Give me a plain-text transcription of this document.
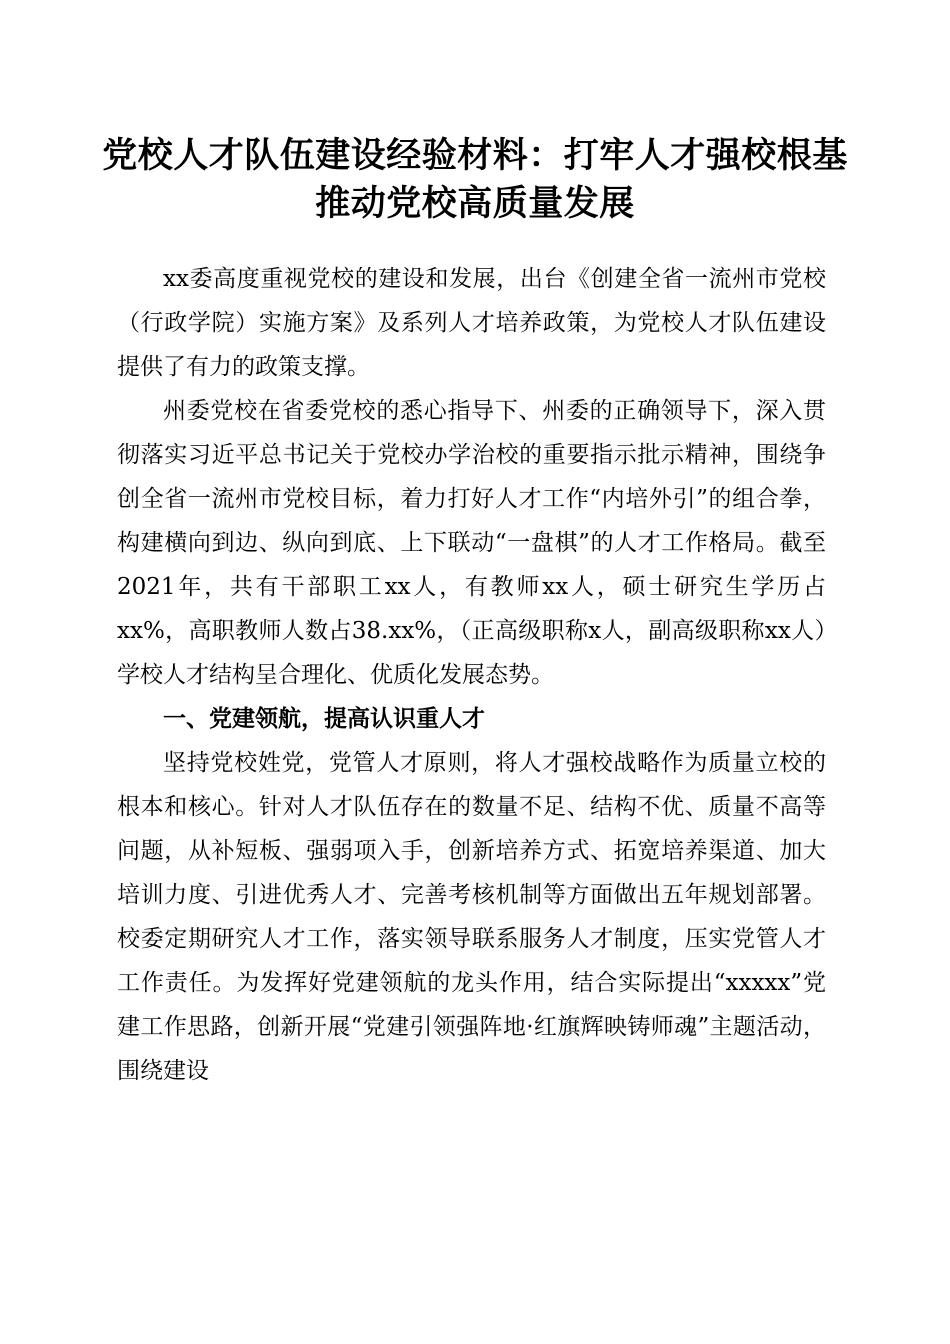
党校人才队伍建设经验材料：打牢人才强校根基推动党校高质量发展

xx委高度重视党校的建设和发展，出台《创建全省一流州市党校（行政学院）实施方案》及系列人才培养政策，为党校人才队伍建设提供了有力的政策支撑。

州委党校在省委党校的悉心指导下、州委的正确领导下，深入贯彻落实习近平总书记关于党校办学治校的重要指示批示精神，围绕争创全省一流州市党校目标，着力打好人才工作“内培外引”的组合拳，构建横向到边、纵向到底、上下联动“一盘棋”的人才工作格局。截至2021年，共有干部职工xx人，有教师xx人，硕士研究生学历占xx%，高职教师人数占38.xx%，（正高级职称x人，副高级职称xx人）学校人才结构呈合理化、优质化发展态势。

一、党建领航，提高认识重人才

坚持党校姓党，党管人才原则，将人才强校战略作为质量立校的根本和核心。针对人才队伍存在的数量不足、结构不优、质量不高等问题，从补短板、强弱项入手，创新培养方式、拓宽培养渠道、加大培训力度、引进优秀人才、完善考核机制等方面做出五年规划部署。校委定期研究人才工作，落实领导联系服务人才制度，压实党管人才工作责任。为发挥好党建领航的龙头作用，结合实际提出“xxxxx”党建工作思路，创新开展“党建引领强阵地·红旗辉映铸师魂”主题活动，围绕建设
